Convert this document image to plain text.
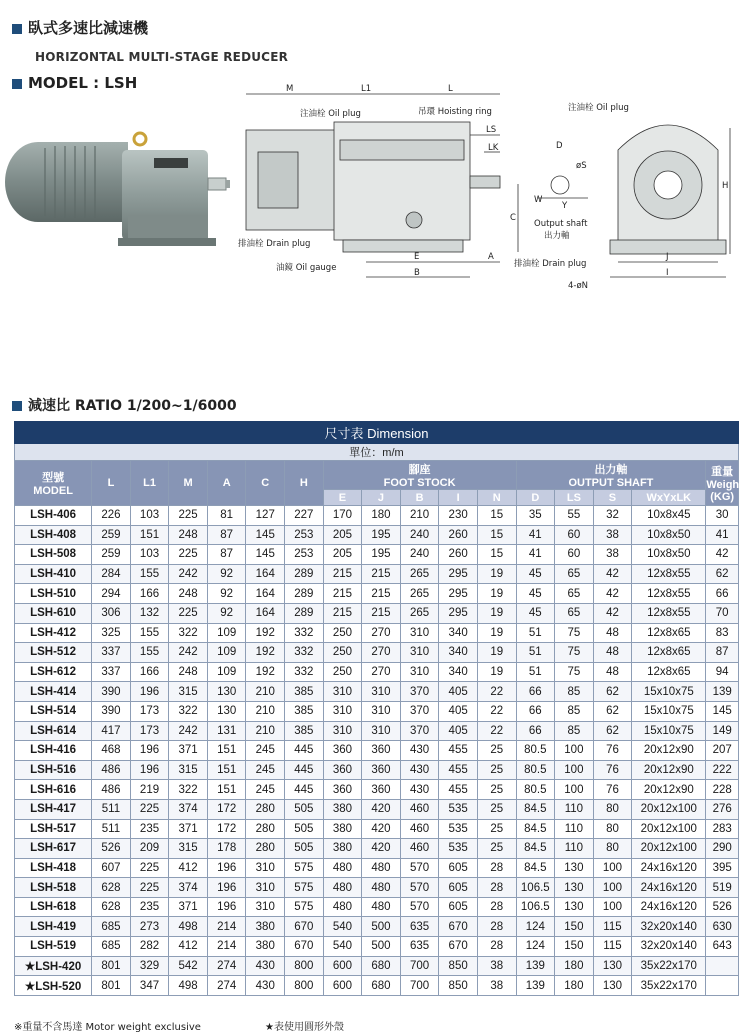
臥式多速比減速機
HORIZONTAL MULTI-STAGE REDUCER
MODEL : LSH	M	L1	L
LS
LK
注油栓 Oil plug	吊環 Hoisting ring
排油栓 Drain plug
油鏡 Oil gauge
E
B
A
C
D
øS
W
Y
Output shaft
出力軸
注油栓 Oil plug
排油栓 Drain plug
H
J
I
4-øN
減速比 RATIO 1/200~1/6000
尺寸表 Dimension																
單位：m/m																
型號
MODEL	L	L1	M	A	C	H	腳座
FOOT STOCK					出力軸
OUTPUT SHAFT				重量
Weight
(KG)
							E	J	B	I	N	D	LS	S	WxYxLK	
LSH-406	226	103	225	81	127	227	170	180	210	230	15	35	55	32	10x8x45	30
LSH-408	259	151	248	87	145	253	205	195	240	260	15	41	60	38	10x8x50	41
LSH-508	259	103	225	87	145	253	205	195	240	260	15	41	60	38	10x8x50	42
LSH-410	284	155	242	92	164	289	215	215	265	295	19	45	65	42	12x8x55	62
LSH-510	294	166	248	92	164	289	215	215	265	295	19	45	65	42	12x8x55	66
LSH-610	306	132	225	92	164	289	215	215	265	295	19	45	65	42	12x8x55	70
LSH-412	325	155	322	109	192	332	250	270	310	340	19	51	75	48	12x8x65	83
LSH-512	337	155	242	109	192	332	250	270	310	340	19	51	75	48	12x8x65	87
LSH-612	337	166	248	109	192	332	250	270	310	340	19	51	75	48	12x8x65	94
LSH-414	390	196	315	130	210	385	310	310	370	405	22	66	85	62	15x10x75	139
LSH-514	390	173	322	130	210	385	310	310	370	405	22	66	85	62	15x10x75	145
LSH-614	417	173	242	131	210	385	310	310	370	405	22	66	85	62	15x10x75	149
LSH-416	468	196	371	151	245	445	360	360	430	455	25	80.5	100	76	20x12x90	207
LSH-516	486	196	315	151	245	445	360	360	430	455	25	80.5	100	76	20x12x90	222
LSH-616	486	219	322	151	245	445	360	360	430	455	25	80.5	100	76	20x12x90	228
LSH-417	511	225	374	172	280	505	380	420	460	535	25	84.5	110	80	20x12x100	276
LSH-517	511	235	371	172	280	505	380	420	460	535	25	84.5	110	80	20x12x100	283
LSH-617	526	209	315	178	280	505	380	420	460	535	25	84.5	110	80	20x12x100	290
LSH-418	607	225	412	196	310	575	480	480	570	605	28	84.5	130	100	24x16x120	395
LSH-518	628	225	374	196	310	575	480	480	570	605	28	106.5	130	100	24x16x120	519
LSH-618	628	235	371	196	310	575	480	480	570	605	28	106.5	130	100	24x16x120	526
LSH-419	685	273	498	214	380	670	540	500	635	670	28	124	150	115	32x20x140	630
LSH-519	685	282	412	214	380	670	540	500	635	670	28	124	150	115	32x20x140	643
★LSH-420	801	329	542	274	430	800	600	680	700	850	38	139	180	130	35x22x170	
★LSH-520	801	347	498	274	430	800	600	680	700	850	38	139	180	130	35x22x170	
※重量不含馬達 Motor weight exclusive	★表使用圓形外殼
